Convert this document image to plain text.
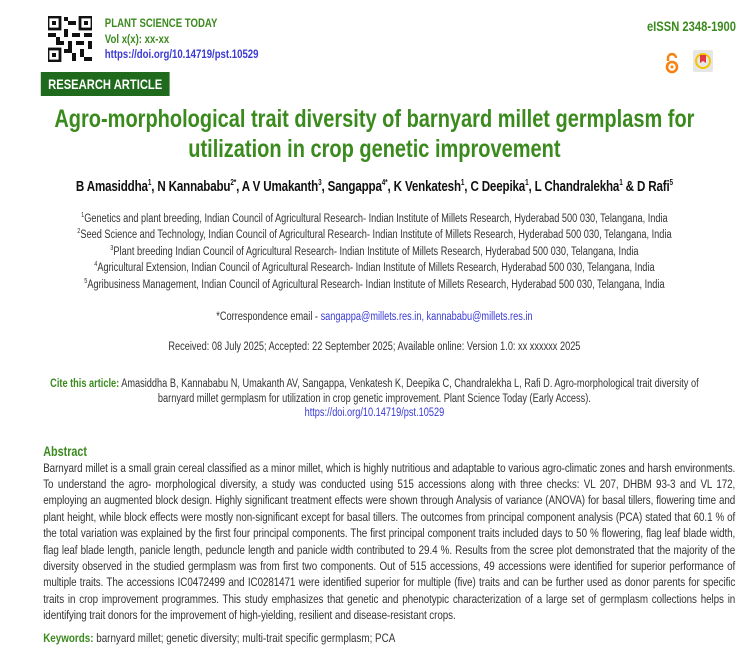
PLANT SCIENCE TODAY
Vol x(x): xx-xx
https://doi.org/10.14719/pst.10529
eISSN 2348-1900
RESEARCH ARTICLE
Agro-morphological trait diversity of barnyard millet germplasm for utilization in crop genetic improvement
B Amasiddha$^1$, N Kannababu$^{2*}$, A V Umakanth$^3$, Sangappa$^{4*}$, K Venkatesh$^1$, C Deepika$^1$, L Chandralekha$^1$ & D Rafi$^5$
$^1$Genetics and plant breeding, Indian Council of Agricultural Research- Indian Institute of Millets Research, Hyderabad 500 030, Telangana, India
$^2$Seed Science and Technology, Indian Council of Agricultural Research- Indian Institute of Millets Research, Hyderabad 500 030, Telangana, India
$^3$Plant breeding Indian Council of Agricultural Research- Indian Institute of Millets Research, Hyderabad 500 030, Telangana, India
$^4$Agricultural Extension, Indian Council of Agricultural Research- Indian Institute of Millets Research, Hyderabad 500 030, Telangana, India
$^5$Agribusiness Management, Indian Council of Agricultural Research- Indian Institute of Millets Research, Hyderabad 500 030, Telangana, India
*Correspondence email - sangappa@millets.res.in, kannababu@millets.res.in
Received: 08 July 2025; Accepted: 22 September 2025; Available online: Version 1.0: xx xxxxxx 2025
Cite this article: Amasiddha B, Kannababu N, Umakanth AV, Sangappa, Venkatesh K, Deepika C, Chandralekha L, Rafi D. Agro-morphological trait diversity of barnyard millet germplasm for utilization in crop genetic improvement. Plant Science Today (Early Access).
https://doi.org/10.14719/pst.10529
Abstract
Barnyard millet is a small grain cereal classified as a minor millet, which is highly nutritious and adaptable to various agro-climatic zones and harsh environments. To understand the agro- morphological diversity, a study was conducted using 515 accessions along with three checks: VL 207, DHBM 93-3 and VL 172, employing an augmented block design. Highly significant treatment effects were shown through Analysis of variance (ANOVA) for basal tillers, flowering time and plant height, while block effects were mostly non-significant except for basal tillers. The outcomes from principal component analysis (PCA) stated that 60.1 % of the total variation was explained by the first four principal components. The first principal component traits included days to 50 % flowering, flag leaf blade width, flag leaf blade length, panicle length, peduncle length and panicle width contributed to 29.4 %. Results from the scree plot demonstrated that the majority of the diversity observed in the studied germplasm was from first two components. Out of 515 accessions, 49 accessions were identified for superior performance of multiple traits. The accessions IC0472499 and IC0281471 were identified superior for multiple (five) traits and can be further used as donor parents for specific traits in crop improvement programmes. This study emphasizes that genetic and phenotypic characterization of a large set of germplasm collections helps in identifying trait donors for the improvement of high-yielding, resilient and disease-resistant crops.
Keywords: barnyard millet; genetic diversity; multi-trait specific germplasm; PCA
